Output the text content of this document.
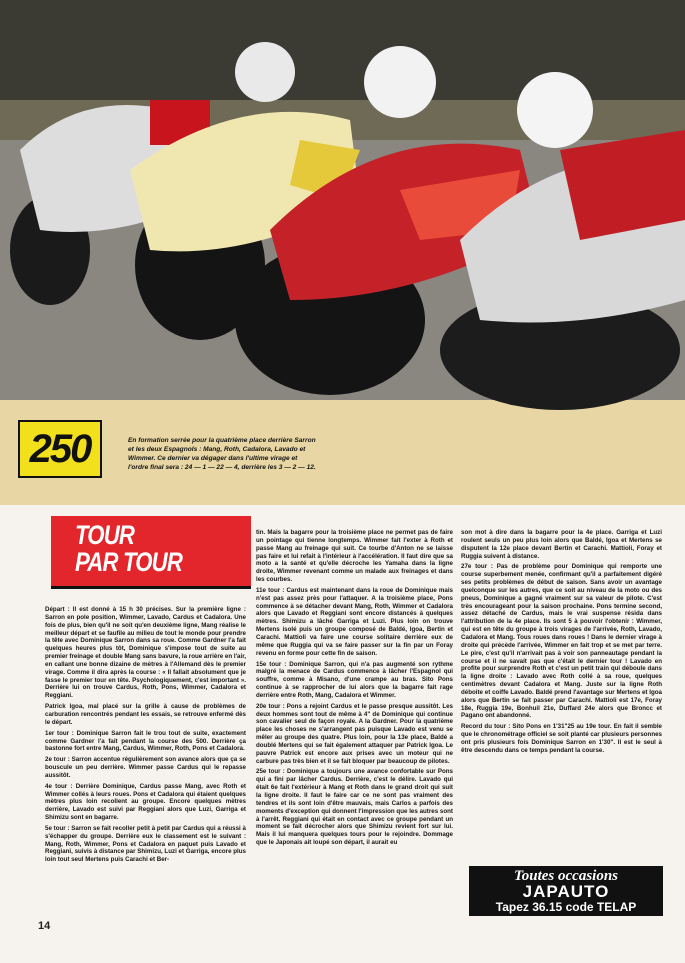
250	En formation serrée pour la quatrième place derrière Sarron et les deux Espagnols : Mang, Roth, Cadalora, Lavado et Wimmer. Ce dernier va dégager dans l'ultime virage et l'ordre final sera : 24 — 1 — 22 — 4, derrière les 3 — 2 — 12.
TOUR
PAR TOUR

Départ : Il est donné à 15 h 30 précises. Sur la première ligne : Sarron en pole position, Wimmer, Lavado, Cardus et Cadalora. Une fois de plus, bien qu'il ne soit qu'en deuxième ligne, Mang réalise le meilleur départ et se faufile au milieu de tout le monde pour prendre la tête avec Dominique Sarron dans sa roue. Comme Gardner l'a fait quelques heures plus tôt, Dominique s'impose tout de suite au premier freinage et double Mang sans bavure, la roue arrière en l'air, en callant une bonne dizaine de mètres à l'Allemand dès le premier virage. Comme il dira après la course : « Il fallait absolument que je fasse le premier tour en tête. Psychologiquement, c'est important ». Derrière lui on trouve Cardus, Roth, Pons, Wimmer, Cadalora et Reggiani.

Patrick Igoa, mal placé sur la grille à cause de problèmes de carburation rencontrés pendant les essais, se retrouve enfermé dès le départ.

1er tour : Dominique Sarron fait le trou tout de suite, exactement comme Gardner l'a fait pendant la course des 500. Derrière ça bastonne fort entre Mang, Cardus, Wimmer, Roth, Pons et Cadalora.

2e tour : Sarron accentue régulièrement son avance alors que ça se bouscule un peu derrière. Wimmer passe Cardus qui le repasse aussitôt.

4e tour : Derrière Dominique, Cardus passe Mang, avec Roth et Wimmer collés à leurs roues. Pons et Cadalora qui étaient quelques mètres plus loin recollent au groupe. Encore quelques mètres derrière, Lavado est suivi par Reggiani alors que Luzi, Garriga et Shimizu sont en bagarre.

5e tour : Sarron se fait recoller petit à petit par Cardus qui a réussi à s'échapper du groupe. Derrière eux le classement est le suivant : Mang, Roth, Wimmer, Pons et Cadalora en paquet puis Lavado et Reggiani, suivis à distance par Shimizu, Luzi et Garriga, encore plus loin tout seul Mertens puis Carachi et Ber-

tin. Mais la bagarre pour la troisième place ne permet pas de faire un pointage qui tienne longtemps. Wimmer fait l'exter à Roth et passe Mang au freinage qui suit. Ce tourbe d'Anton ne se laisse pas faire et lui refait à l'intérieur à l'accélération. Il faut dire que sa moto a la santé et qu'elle décroche les Yamaha dans la ligne droite, Wimmer revenant comme un malade aux freinages et dans les courbes.

11e tour : Cardus est maintenant dans la roue de Dominique mais n'est pas assez près pour l'attaquer. A la troisième place, Pons commence à se détacher devant Mang, Roth, Wimmer et Cadalora alors que Lavado et Reggiani sont encore distancés à quelques mètres. Shimizu a lâché Garriga et Luzi. Plus loin on trouve Mertens isolé puis un groupe composé de Baldé, Igoa, Bertin et Carachi. Mattioli va faire une course solitaire derrière eux de même que Ruggia qui va se faire passer sur la fin par un Foray revenu en forme pour cette fin de saison.

15e tour : Dominique Sarron, qui n'a pas augmenté son rythme malgré la menace de Cardus commence à lâcher l'Espagnol qui souffre, comme à Misano, d'une crampe au bras. Sito Pons continue à se rapprocher de lui alors que la bagarre fait rage derrière entre Roth, Mang, Cadalora et Wimmer.

20e tour : Pons a rejoint Cardus et le passe presque aussitôt. Les deux hommes sont tout de même à 4" de Dominique qui continue son cavalier seul de façon royale. A la Gardner. Pour la quatrième place les choses ne s'arrangent pas puisque Lavado est venu se mêler au groupe des quatre. Plus loin, pour la 13e place, Baldé a doublé Mertens qui se fait également attaquer par Patrick Igoa. Le pauvre Patrick est encore aux prises avec un moteur qui ne carbure pas très bien et il se fait bloquer par beaucoup de pilotes.

25e tour : Dominique a toujours une avance confortable sur Pons qui a fini par lâcher Cardus. Derrière, c'est le délire. Lavado qui était 6e fait l'extérieur à Mang et Roth dans le grand droit qui suit la ligne droite. Il faut le faire car ce ne sont pas vraiment des tendres et ils sont loin d'être mauvais, mais Carlos a parfois des moments d'exception qui donnent l'impression que les autres sont à l'arrêt. Reggiani qui était en contact avec ce groupe pendant un moment se fait décrocher alors que Shimizu revient fort sur lui. Mais il lui manquera quelques tours pour le rejoindre. Dommage que le Japonais ait loupé son départ, il aurait eu

son mot à dire dans la bagarre pour la 4e place. Garriga et Luzi roulent seuls un peu plus loin alors que Baldé, Igoa et Mertens se disputent la 12e place devant Bertin et Carachi. Mattioli, Foray et Ruggia suivent à distance.

27e tour : Pas de problème pour Dominique qui remporte une course superbement menée, confirmant qu'il a parfaitement digéré ses petits problèmes de début de saison. Sans avoir un avantage quelconque sur les autres, que ce soit au niveau de la moto ou des pneus, Dominique a gagné vraiment sur sa valeur de pilote. C'est très encourageant pour la saison prochaine. Pons termine second, assez détaché de Cardus, mais le vrai suspense résida dans l'attribution de la 4e place. Ils sont 5 à pouvoir l'obtenir : Wimmer, qui est en tête du groupe à trois virages de l'arrivée, Roth, Lavado, Cadalora et Mang. Tous roues dans roues ! Dans le dernier virage à droite qui précède l'arrivée, Wimmer en fait trop et se met par terre. Le pire, c'est qu'il n'arrivait pas à voir son panneautage pendant la course et il ne savait pas que c'était le dernier tour ! Lavado en profite pour surprendre Roth et c'est un petit train qui déboule dans la ligne droite : Lavado avec Roth collé à sa roue, quelques centimètres devant Cadalora et Mang. Juste sur la ligne Roth déboite et coiffe Lavado. Baldé prend l'avantage sur Mertens et Igoa alors que Bertin se fait passer par Carachi. Mattioli est 17e, Foray 18e, Ruggia 19e, Bonhuil 21e, Duffard 24e alors que Broncc et Pagano ont abandonné.

Record du tour : Sito Pons en 1'31"25 au 19e tour. En fait il semble que le chronométrage officiel se soit planté car plusieurs personnes ont pris plusieurs fois Dominique Sarron en 1'30". Il est le seul à être descendu dans ce temps pendant la course.

Toutes occasions
JAPAUTO
Tapez 36.15 code TELAP
14
